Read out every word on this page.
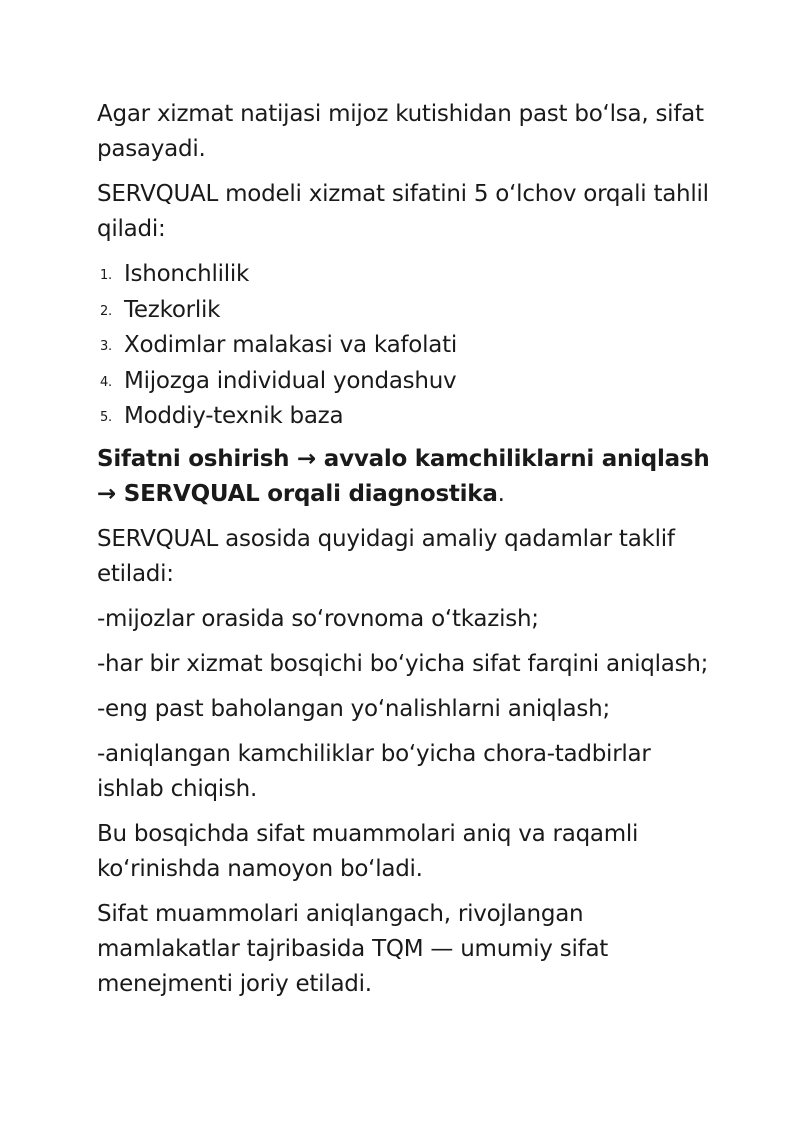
Agar xizmat natijasi mijoz kutishidan past bo‘lsa, sifat pasayadi.

SERVQUAL modeli xizmat sifatini 5 o‘lchov orqali tahlil qiladi:

1. Ishonchlilik
2. Tezkorlik
3. Xodimlar malakasi va kafolati
4. Mijozga individual yondashuv
5. Moddiy-texnik baza

Sifatni oshirish → avvalo kamchiliklarni aniqlash → SERVQUAL orqali diagnostika.

SERVQUAL asosida quyidagi amaliy qadamlar taklif etiladi:

-mijozlar orasida so‘rovnoma o‘tkazish;

-har bir xizmat bosqichi bo‘yicha sifat farqini aniqlash;

-eng past baholangan yo‘nalishlarni aniqlash;

-aniqlangan kamchiliklar bo‘yicha chora-tadbirlar ishlab chiqish.

Bu bosqichda sifat muammolari aniq va raqamli ko‘rinishda namoyon bo‘ladi.

Sifat muammolari aniqlangach, rivojlangan mamlakatlar tajribasida TQM — umumiy sifat menejmenti joriy etiladi.
